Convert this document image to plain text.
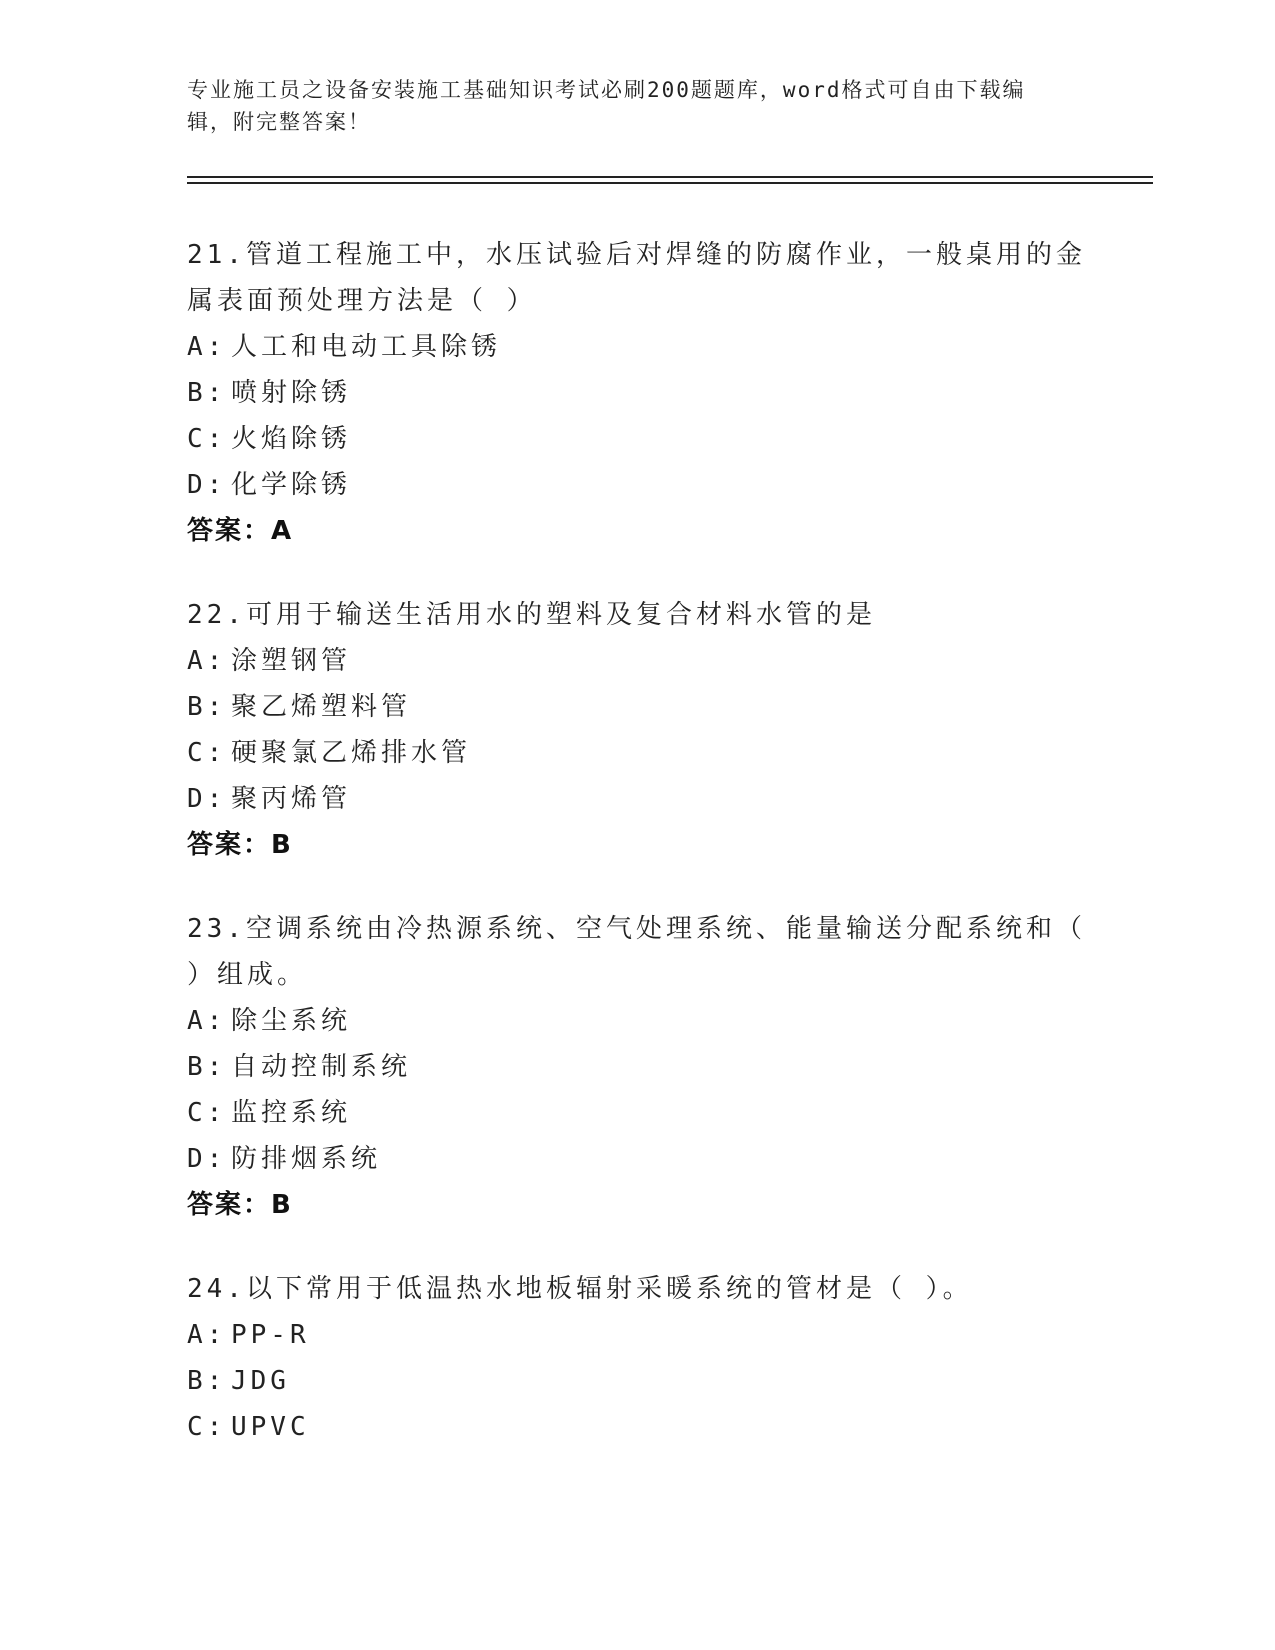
专业施工员之设备安装施工基础知识考试必刷200题题库，word格式可自由下载编辑，附完整答案！
21.管道工程施工中，水压试验后对焊缝的防腐作业，一般桌用的金属表面预处理方法是（ ）
A: 人工和电动工具除锈
B: 喷射除锈
C: 火焰除锈
D: 化学除锈
答案：A
22.可用于输送生活用水的塑料及复合材料水管的是
A: 涂塑钢管
B: 聚乙烯塑料管
C: 硬聚氯乙烯排水管
D: 聚丙烯管
答案：B
23.空调系统由冷热源系统、空气处理系统、能量输送分配系统和（ ）组成。
A: 除尘系统
B: 自动控制系统
C: 监控系统
D: 防排烟系统
答案：B
24.以下常用于低温热水地板辐射采暖系统的管材是（ ）。
A: PP-R
B: JDG
C: UPVC
